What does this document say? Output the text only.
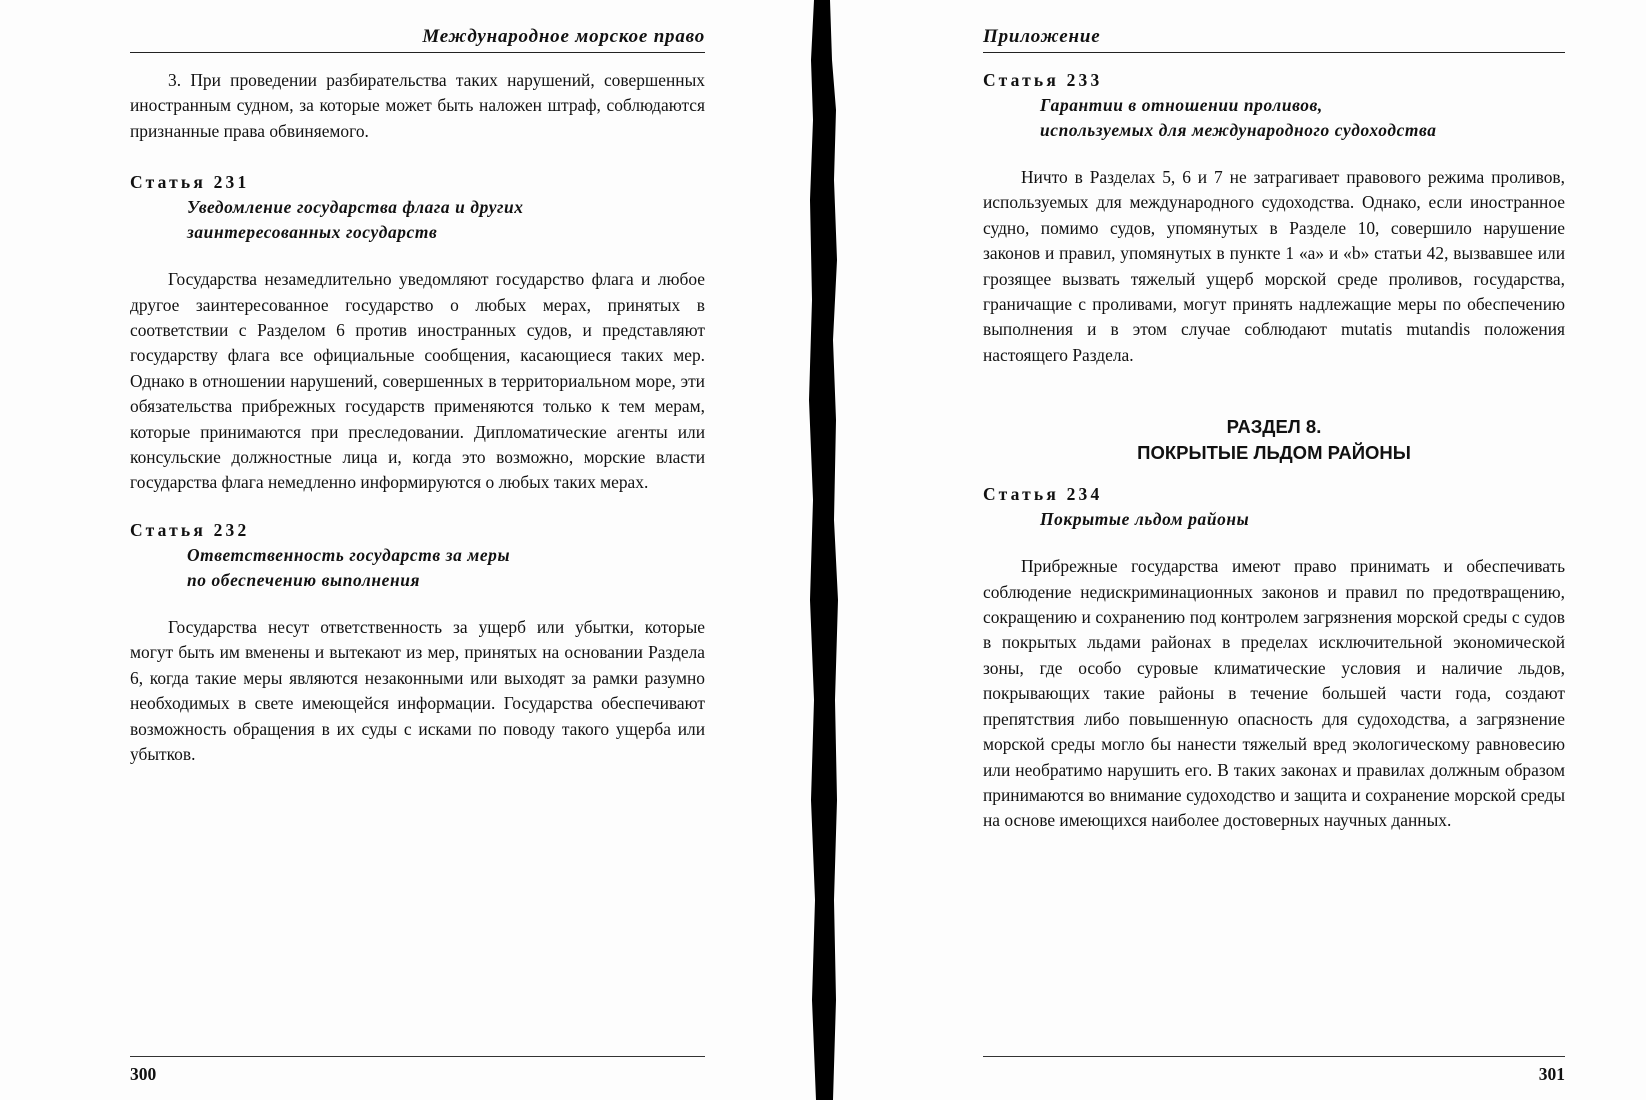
Международное морское право

3. При проведении разбирательства таких нарушений, совершенных иностранным судном, за которые может быть наложен штраф, соблюдаются признанные права обвиняемого.

Статья 231

Уведомление государства флага и других

заинтересованных государств

Государства незамедлительно уведомляют государство флага и любое другое заинтересованное государство о любых мерах, принятых в соответствии с Разделом 6 против иностранных судов, и представляют государству флага все официальные сообщения, касающиеся таких мер. Однако в отношении нарушений, совершенных в территориальном море, эти обязательства прибрежных государств применяются только к тем мерам, которые принимаются при преследовании. Дипломатические агенты или консульские должностные лица и, когда это возможно, морские власти государства флага немедленно информируются о любых таких мерах.

Статья 232

Ответственность государств за меры

по обеспечению выполнения

Государства несут ответственность за ущерб или убытки, которые могут быть им вменены и вытекают из мер, принятых на основании Раздела 6, когда такие меры являются незаконными или выходят за рамки разумно необходимых в свете имеющейся информации. Государства обеспечивают возможность обращения в их суды с исками по поводу такого ущерба или убытков.

300
Приложение

Статья 233

Гарантии в отношении проливов,

используемых для международного судоходства

Ничто в Разделах 5, 6 и 7 не затрагивает правового режима проливов, используемых для международного судоходства. Однако, если иностранное судно, помимо судов, упомянутых в Разделе 10, совершило нарушение законов и правил, упомянутых в пункте 1 «a» и «b» статьи 42, вызвавшее или грозящее вызвать тяжелый ущерб морской среде проливов, государства, граничащие с проливами, могут принять надлежащие меры по обеспечению выполнения и в этом случае соблюдают mutatis mutandis положения настоящего Раздела.

РАЗДЕЛ 8.

ПОКРЫТЫЕ ЛЬДОМ РАЙОНЫ

Статья 234

Покрытые льдом районы

Прибрежные государства имеют право принимать и обеспечивать соблюдение недискриминационных законов и правил по предотвращению, сокращению и сохранению под контролем загрязнения морской среды с судов в покрытых льдами районах в пределах исключительной экономической зоны, где особо суровые климатические условия и наличие льдов, покрывающих такие районы в течение большей части года, создают препятствия либо повышенную опасность для судоходства, а загрязнение морской среды могло бы нанести тяжелый вред экологическому равновесию или необратимо нарушить его. В таких законах и правилах должным образом принимаются во внимание судоходство и защита и сохранение морской среды на основе имеющихся наиболее достоверных научных данных.

301
